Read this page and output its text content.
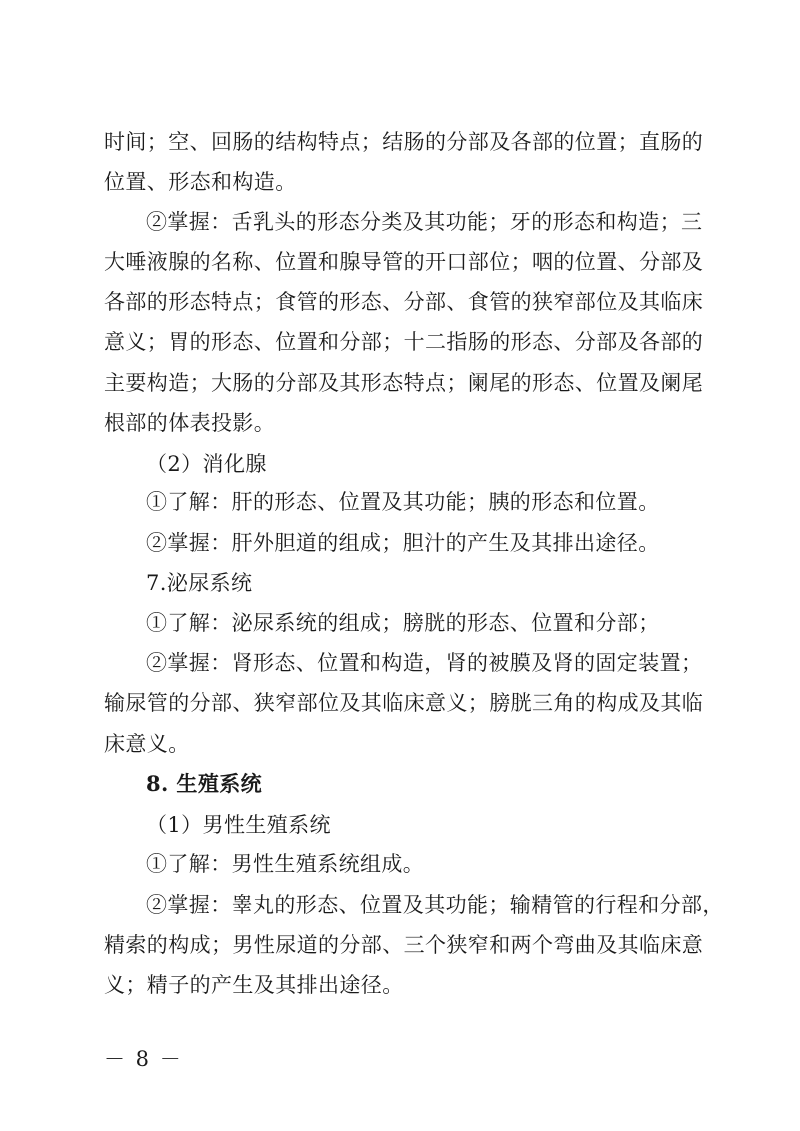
时间；空、回肠的结构特点；结肠的分部及各部的位置；直肠的
位置、形态和构造。
②掌握：舌乳头的形态分类及其功能；牙的形态和构造；三
大唾液腺的名称、位置和腺导管的开口部位；咽的位置、分部及
各部的形态特点；食管的形态、分部、食管的狭窄部位及其临床
意义；胃的形态、位置和分部；十二指肠的形态、分部及各部的
主要构造；大肠的分部及其形态特点；阑尾的形态、位置及阑尾
根部的体表投影。
（2）消化腺
①了解：肝的形态、位置及其功能；胰的形态和位置。
②掌握：肝外胆道的组成；胆汁的产生及其排出途径。
7.泌尿系统
①了解：泌尿系统的组成；膀胱的形态、位置和分部；
②掌握：肾形态、位置和构造，肾的被膜及肾的固定装置；
输尿管的分部、狭窄部位及其临床意义；膀胱三角的构成及其临
床意义。
8. 生殖系统
（1）男性生殖系统
①了解：男性生殖系统组成。
②掌握：睾丸的形态、位置及其功能；输精管的行程和分部，
精索的构成；男性尿道的分部、三个狭窄和两个弯曲及其临床意
义；精子的产生及其排出途径。
－ 8 －
